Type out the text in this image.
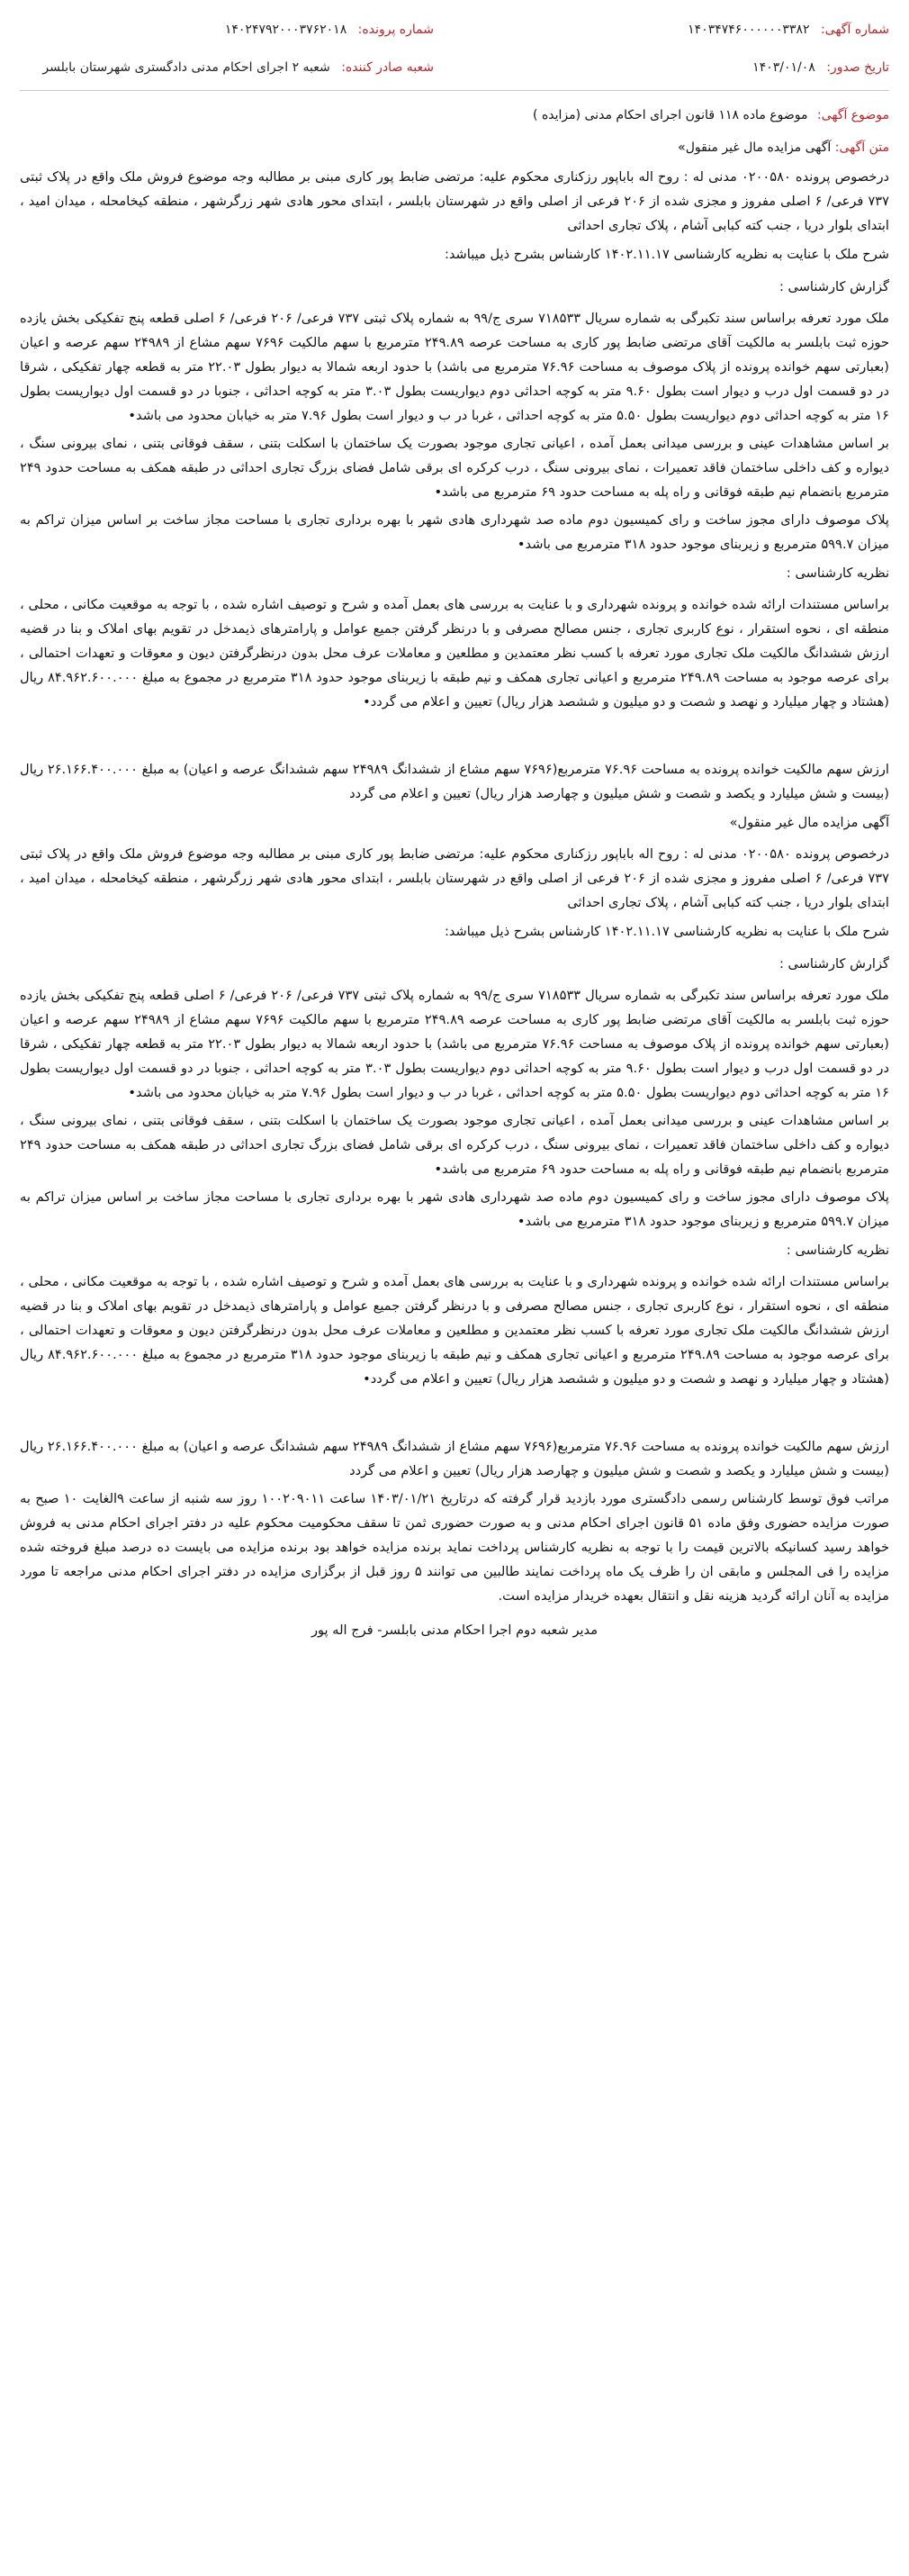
شماره آگهی: ۱۴۰۳۴۷۴۶۰۰۰۰۰۰۳۳۸۲
تاریخ صدور: ۱۴۰۳/۰۱/۰۸
شماره پرونده: ۱۴۰۲۴۷۹۲۰۰۰۳۷۶۲۰۱۸
شعبه صادر کننده: شعبه ۲ اجرای احکام مدنی دادگستری شهرستان بابلسر
موضوع آگهی: موضوع ماده ۱۱۸ قانون اجرای احکام مدنی (مزایده )
متن آگهی: آگهی مزایده مال غیر منقول»

درخصوص پرونده ۰۲۰۰۵۸۰ مدنی له : روح اله باباپور رزکناری محکوم علیه: مرتضی ضابط پور کاری مبنی بر مطالبه وجه موضوع فروش ملک واقع در پلاک ثبتی ۷۳۷ فرعی/ ۶ اصلی مفروز و مجزی شده از ۲۰۶ فرعی از اصلی واقع در شهرستان بابلسر ، ابتدای محور هادی شهر زرگرشهر ، منطقه کیخامحله ، میدان امید ، ابتدای بلوار دریا ، جنب کته کبابی آشام ، پلاک تجاری احداثی

شرح ملک با عنایت به نظریه کارشناسی ۱۴۰۲.۱۱.۱۷ کارشناس بشرح ذیل میباشد:
گزارش کارشناسی :

ملک مورد تعرفه براساس سند تکبرگی به شماره سریال ۷۱۸۵۳۳ سری ج/۹۹ به شماره پلاک ثبتی ۷۳۷ فرعی/ ۲۰۶ فرعی/ ۶ اصلی قطعه پنج تفکیکی بخش یازده حوزه ثبت بابلسر به مالکیت آقای مرتضی ضابط پور کاری به مساحت عرصه ۲۴۹.۸۹ مترمربع با سهم مالکیت ۷۶۹۶ سهم مشاع از ۲۴۹۸۹ سهم عرصه و اعیان (بعبارتی سهم خوانده پرونده از پلاک موصوف به مساحت ۷۶.۹۶ مترمربع می باشد) با حدود اربعه شمالا به دیوار بطول ۲۲.۰۳ متر به قطعه چهار تفکیکی ، شرقا در دو قسمت اول درب و دیوار است بطول ۹.۶۰ متر به کوچه احداثی دوم دیواریست بطول ۳.۰۳ متر به کوچه احداثی ، جنوبا در دو قسمت اول دیواریست بطول ۱۶ متر به کوچه احداثی دوم دیواریست بطول ۵.۵۰ متر به کوچه احداثی ، غربا در ب و دیوار است بطول ۷.۹۶ متر به خیابان محدود می باشد•

بر اساس مشاهدات عینی و بررسی میدانی بعمل آمده ، اعیانی تجاری موجود بصورت یک ساختمان با اسکلت بتنی ، سقف فوقانی بتنی ، نمای بیرونی سنگ ، دیواره و کف داخلی ساختمان فاقد تعمیرات ، نمای بیرونی سنگ ، درب کرکره ای برقی شامل فضای بزرگ تجاری احداثی در طبقه همکف به مساحت حدود ۲۴۹ مترمربع بانضمام نیم طبقه فوقانی و راه پله به مساحت حدود ۶۹ مترمربع می باشد•

پلاک موصوف دارای مجوز ساخت و رای کمیسیون دوم ماده صد شهرداری هادی شهر با بهره برداری تجاری با مساحت مجاز ساخت بر اساس میزان تراکم به میزان ۵۹۹.۷ مترمربع و زیربنای موجود حدود ۳۱۸ مترمربع می باشد•

نظریه کارشناسی :

براساس مستندات ارائه شده خوانده و پرونده شهرداری و با عنایت به بررسی های بعمل آمده و شرح و توصیف اشاره شده ، با توجه به موقعیت مکانی ، محلی ، منطقه ای ، نحوه استقرار ، نوع کاربری تجاری ، جنس مصالح مصرفی و با درنظر گرفتن جمیع عوامل و پارامترهای ذیمدخل در تقویم بهای املاک و بنا در قضیه ارزش ششدانگ مالکیت ملک تجاری مورد تعرفه با کسب نظر معتمدین و مطلعین و معاملات عرف محل بدون درنظرگرفتن دیون و معوقات و تعهدات احتمالی ، برای عرصه موجود به مساحت ۲۴۹.۸۹ مترمربع و اعیانی تجاری همکف و نیم طبقه با زیربنای موجود حدود ۳۱۸ مترمربع در مجموع به مبلغ ۸۴.۹۶۲.۶۰۰.۰۰۰ ریال (هشتاد و چهار میلیارد و نهصد و شصت و دو میلیون و ششصد هزار ریال) تعیین و اعلام می گردد•

ارزش سهم مالکیت خوانده پرونده به مساحت ۷۶.۹۶ مترمربع(۷۶۹۶ سهم مشاع از ششدانگ ۲۴۹۸۹ سهم ششدانگ عرصه و اعیان) به مبلغ ۲۶.۱۶۶.۴۰۰.۰۰۰ ریال (بیست و شش میلیارد و یکصد و شصت و شش میلیون و چهارصد هزار ریال) تعیین و اعلام می گردد

آگهی مزایده مال غیر منقول»

درخصوص پرونده ۰۲۰۰۵۸۰ مدنی له : روح اله باباپور رزکناری محکوم علیه: مرتضی ضابط پور کاری مبنی بر مطالبه وجه موضوع فروش ملک واقع در پلاک ثبتی ۷۳۷ فرعی/ ۶ اصلی مفروز و مجزی شده از ۲۰۶ فرعی از اصلی واقع در شهرستان بابلسر ، ابتدای محور هادی شهر زرگرشهر ، منطقه کیخامحله ، میدان امید ، ابتدای بلوار دریا ، جنب کته کبابی آشام ، پلاک تجاری احداثی

شرح ملک با عنایت به نظریه کارشناسی ۱۴۰۲.۱۱.۱۷ کارشناس بشرح ذیل میباشد:
گزارش کارشناسی :

ملک مورد تعرفه براساس سند تکبرگی به شماره سریال ۷۱۸۵۳۳ سری ج/۹۹ به شماره پلاک ثبتی ۷۳۷ فرعی/ ۲۰۶ فرعی/ ۶ اصلی قطعه پنج تفکیکی بخش یازده حوزه ثبت بابلسر به مالکیت آقای مرتضی ضابط پور کاری به مساحت عرصه ۲۴۹.۸۹ مترمربع با سهم مالکیت ۷۶۹۶ سهم مشاع از ۲۴۹۸۹ سهم عرصه و اعیان (بعبارتی سهم خوانده پرونده از پلاک موصوف به مساحت ۷۶.۹۶ مترمربع می باشد) با حدود اربعه شمالا به دیوار بطول ۲۲.۰۳ متر به قطعه چهار تفکیکی ، شرقا در دو قسمت اول درب و دیوار است بطول ۹.۶۰ متر به کوچه احداثی دوم دیواریست بطول ۳.۰۳ متر به کوچه احداثی ، جنوبا در دو قسمت اول دیواریست بطول ۱۶ متر به کوچه احداثی دوم دیواریست بطول ۵.۵۰ متر به کوچه احداثی ، غربا در ب و دیوار است بطول ۷.۹۶ متر به خیابان محدود می باشد•

بر اساس مشاهدات عینی و بررسی میدانی بعمل آمده ، اعیانی تجاری موجود بصورت یک ساختمان با اسکلت بتنی ، سقف فوقانی بتنی ، نمای بیرونی سنگ ، دیواره و کف داخلی ساختمان فاقد تعمیرات ، نمای بیرونی سنگ ، درب کرکره ای برقی شامل فضای بزرگ تجاری احداثی در طبقه همکف به مساحت حدود ۲۴۹ مترمربع بانضمام نیم طبقه فوقانی و راه پله به مساحت حدود ۶۹ مترمربع می باشد•

پلاک موصوف دارای مجوز ساخت و رای کمیسیون دوم ماده صد شهرداری هادی شهر با بهره برداری تجاری با مساحت مجاز ساخت بر اساس میزان تراکم به میزان ۵۹۹.۷ مترمربع و زیربنای موجود حدود ۳۱۸ مترمربع می باشد•

نظریه کارشناسی :

براساس مستندات ارائه شده خوانده و پرونده شهرداری و با عنایت به بررسی های بعمل آمده و شرح و توصیف اشاره شده ، با توجه به موقعیت مکانی ، محلی ، منطقه ای ، نحوه استقرار ، نوع کاربری تجاری ، جنس مصالح مصرفی و با درنظر گرفتن جمیع عوامل و پارامترهای ذیمدخل در تقویم بهای املاک و بنا در قضیه ارزش ششدانگ مالکیت ملک تجاری مورد تعرفه با کسب نظر معتمدین و مطلعین و معاملات عرف محل بدون درنظرگرفتن دیون و معوقات و تعهدات احتمالی ، برای عرصه موجود به مساحت ۲۴۹.۸۹ مترمربع و اعیانی تجاری همکف و نیم طبقه با زیربنای موجود حدود ۳۱۸ مترمربع در مجموع به مبلغ ۸۴.۹۶۲.۶۰۰.۰۰۰ ریال (هشتاد و چهار میلیارد و نهصد و شصت و دو میلیون و ششصد هزار ریال) تعیین و اعلام می گردد•

ارزش سهم مالکیت خوانده پرونده به مساحت ۷۶.۹۶ مترمربع(۷۶۹۶ سهم مشاع از ششدانگ ۲۴۹۸۹ سهم ششدانگ عرصه و اعیان) به مبلغ ۲۶.۱۶۶.۴۰۰.۰۰۰ ریال (بیست و شش میلیارد و یکصد و شصت و شش میلیون و چهارصد هزار ریال) تعیین و اعلام می گردد

مراتب فوق توسط کارشناس رسمی دادگستری مورد بازدید قرار گرفته که درتاریخ ۱۴۰۳/۰۱/۲۱ ساعت ۱۰۰۲۰۹۰۱۱ روز سه شنبه از ساعت ۹الغایت ۱۰ صبح به صورت مزایده حضوری وفق ماده ۵۱ قانون اجرای احکام مدنی و به صورت حضوری ثمن تا سقف محکومیت محکوم علیه در دفتر اجرای احکام مدنی به فروش خواهد رسید کسانیکه بالاترین قیمت را با توجه به نظریه کارشناس پرداخت نماید برنده مزایده خواهد بود برنده مزایده می بایست ده درصد مبلغ فروخته شده مزایده را فی المجلس و مابقی ان را ظرف یک ماه پرداخت نمایند طالبین می توانند ۵ روز قبل از برگزاری مزایده در دفتر اجرای احکام مدنی مراجعه تا مورد مزایده به آنان ارائه گردید هزینه نقل و انتقال بعهده خریدار مزایده است.

مدیر شعبه دوم اجرا احکام مدنی بابلسر- فرج اله پور
